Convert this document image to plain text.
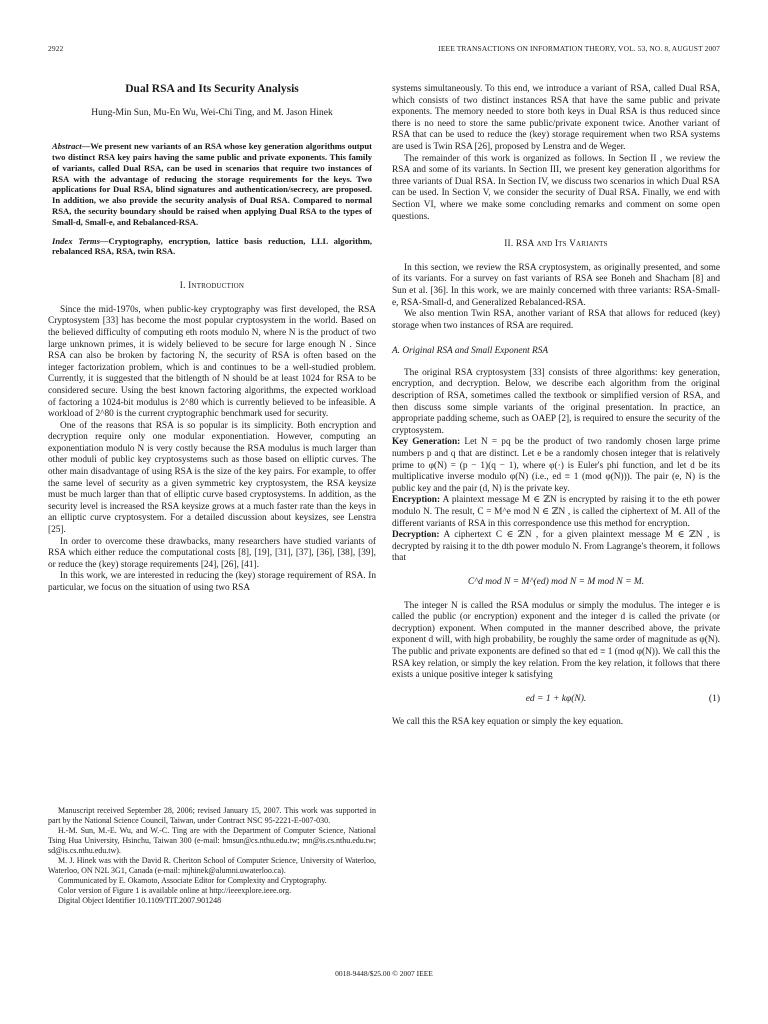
2922	IEEE TRANSACTIONS ON INFORMATION THEORY, VOL. 53, NO. 8, AUGUST 2007
Dual RSA and Its Security Analysis
Hung-Min Sun, Mu-En Wu, Wei-Chi Ting, and M. Jason Hinek
Abstract—We present new variants of an RSA whose key generation algorithms output two distinct RSA key pairs having the same public and private exponents. This family of variants, called Dual RSA, can be used in scenarios that require two instances of RSA with the advantage of reducing the storage requirements for the keys. Two applications for Dual RSA, blind signatures and authentication/secrecy, are proposed. In addition, we also provide the security analysis of Dual RSA. Compared to normal RSA, the security boundary should be raised when applying Dual RSA to the types of Small-d, Small-e, and Rebalanced-RSA.
Index Terms—Cryptography, encryption, lattice basis reduction, LLL algorithm, rebalanced RSA, RSA, twin RSA.
I. Introduction

Since the mid-1970s, when public-key cryptography was first developed, the RSA Cryptosystem [33] has become the most popular cryptosystem in the world. Based on the believed difficulty of computing eth roots modulo N, where N is the product of two large unknown primes, it is widely believed to be secure for large enough N . Since RSA can also be broken by factoring N, the security of RSA is often based on the integer factorization problem, which is and continues to be a well-studied problem. Currently, it is suggested that the bitlength of N should be at least 1024 for RSA to be considered secure. Using the best known factoring algorithms, the expected workload of factoring a 1024-bit modulus is 2^80 which is currently believed to be infeasible. A workload of 2^80 is the current cryptographic benchmark used for security.

One of the reasons that RSA is so popular is its simplicity. Both encryption and decryption require only one modular exponentiation. However, computing an exponentiation modulo N is very costly because the RSA modulus is much larger than other moduli of public key cryptosystems such as those based on elliptic curves. The other main disadvantage of using RSA is the size of the key pairs. For example, to offer the same level of security as a given symmetric key cryptosystem, the RSA keysize must be much larger than that of elliptic curve based cryptosystems. In addition, as the security level is increased the RSA keysize grows at a much faster rate than the keys in an elliptic curve cryptosystem. For a detailed discussion about keysizes, see Lenstra [25].

In order to overcome these drawbacks, many researchers have studied variants of RSA which either reduce the computational costs [8], [19], [31], [37], [36], [38], [39], or reduce the (key) storage requirements [24], [26], [41].

In this work, we are interested in reducing the (key) storage requirement of RSA. In particular, we focus on the situation of using two RSA

Manuscript received September 28, 2006; revised January 15, 2007. This work was supported in part by the National Science Council, Taiwan, under Contract NSC 95-2221-E-007-030.

H.-M. Sun, M.-E. Wu, and W.-C. Ting are with the Department of Computer Science, National Tsing Hua University, Hsinchu, Taiwan 300 (e-mail: hmsun@cs.nthu.edu.tw; mn@is.cs.nthu.edu.tw; sd@is.cs.nthu.edu.tw).

M. J. Hinek was with the David R. Cheriton School of Computer Science, University of Waterloo, Waterloo, ON N2L 3G1, Canada (e-mail: mjhinek@alumni.uwaterloo.ca).

Communicated by E. Okamoto, Associate Editor for Complexity and Cryptography.

Color version of Figure 1 is available online at http://ieeexplore.ieee.org.

Digital Object Identifier 10.1109/TIT.2007.901248

systems simultaneously. To this end, we introduce a variant of RSA, called Dual RSA, which consists of two distinct instances RSA that have the same public and private exponents. The memory needed to store both keys in Dual RSA is thus reduced since there is no need to store the same public/private exponent twice. Another variant of RSA that can be used to reduce the (key) storage requirement when two RSA systems are used is Twin RSA [26], proposed by Lenstra and de Weger.

The remainder of this work is organized as follows. In Section II , we review the RSA and some of its variants. In Section III, we present key generation algorithms for three variants of Dual RSA. In Section IV, we discuss two scenarios in which Dual RSA can be used. In Section V, we consider the security of Dual RSA. Finally, we end with Section VI, where we make some concluding remarks and comment on some open questions.

II. RSA and Its Variants

In this section, we review the RSA cryptosystem, as originally presented, and some of its variants. For a survey on fast variants of RSA see Boneh and Shacham [8] and Sun et al. [36]. In this work, we are mainly concerned with three variants: RSA-Small-e, RSA-Small-d, and Generalized Rebalanced-RSA.

We also mention Twin RSA, another variant of RSA that allows for reduced (key) storage when two instances of RSA are required.

A. Original RSA and Small Exponent RSA

The original RSA cryptosystem [33] consists of three algorithms: key generation, encryption, and decryption. Below, we describe each algorithm from the original description of RSA, sometimes called the textbook or simplified version of RSA, and then discuss some simple variants of the original presentation. In practice, an appropriate padding scheme, such as OAEP [2], is required to ensure the security of the cryptosystem.

Key Generation: Let N = pq be the product of two randomly chosen large prime numbers p and q that are distinct. Let e be a randomly chosen integer that is relatively prime to φ(N) = (p − 1)(q − 1), where φ(·) is Euler's phi function, and let d be its multiplicative inverse modulo φ(N) (i.e., ed ≡ 1 (mod φ(N))). The pair (e, N) is the public key and the pair (d, N) is the private key.

Encryption: A plaintext message M ∈ ℤN is encrypted by raising it to the eth power modulo N. The result, C = M^e mod N ∈ ℤN , is called the ciphertext of M. All of the different variants of RSA in this correspondence use this method for encryption.

Decryption: A ciphertext C ∈ ℤN , for a given plaintext message M ∈ ℤN , is decrypted by raising it to the dth power modulo N. From Lagrange's theorem, it follows that

C^d mod N = M^(ed) mod N = M mod N = M.

The integer N is called the RSA modulus or simply the modulus. The integer e is called the public (or encryption) exponent and the integer d is called the private (or decryption) exponent. When computed in the manner described above, the private exponent d will, with high probability, be roughly the same order of magnitude as φ(N). The public and private exponents are defined so that ed ≡ 1 (mod φ(N)). We call this the RSA key relation, or simply the key relation. From the key relation, it follows that there exists a unique positive integer k satisfying

ed = 1 + kφ(N).	(1)

We call this the RSA key equation or simply the key equation.

0018-9448/$25.00 © 2007 IEEE
